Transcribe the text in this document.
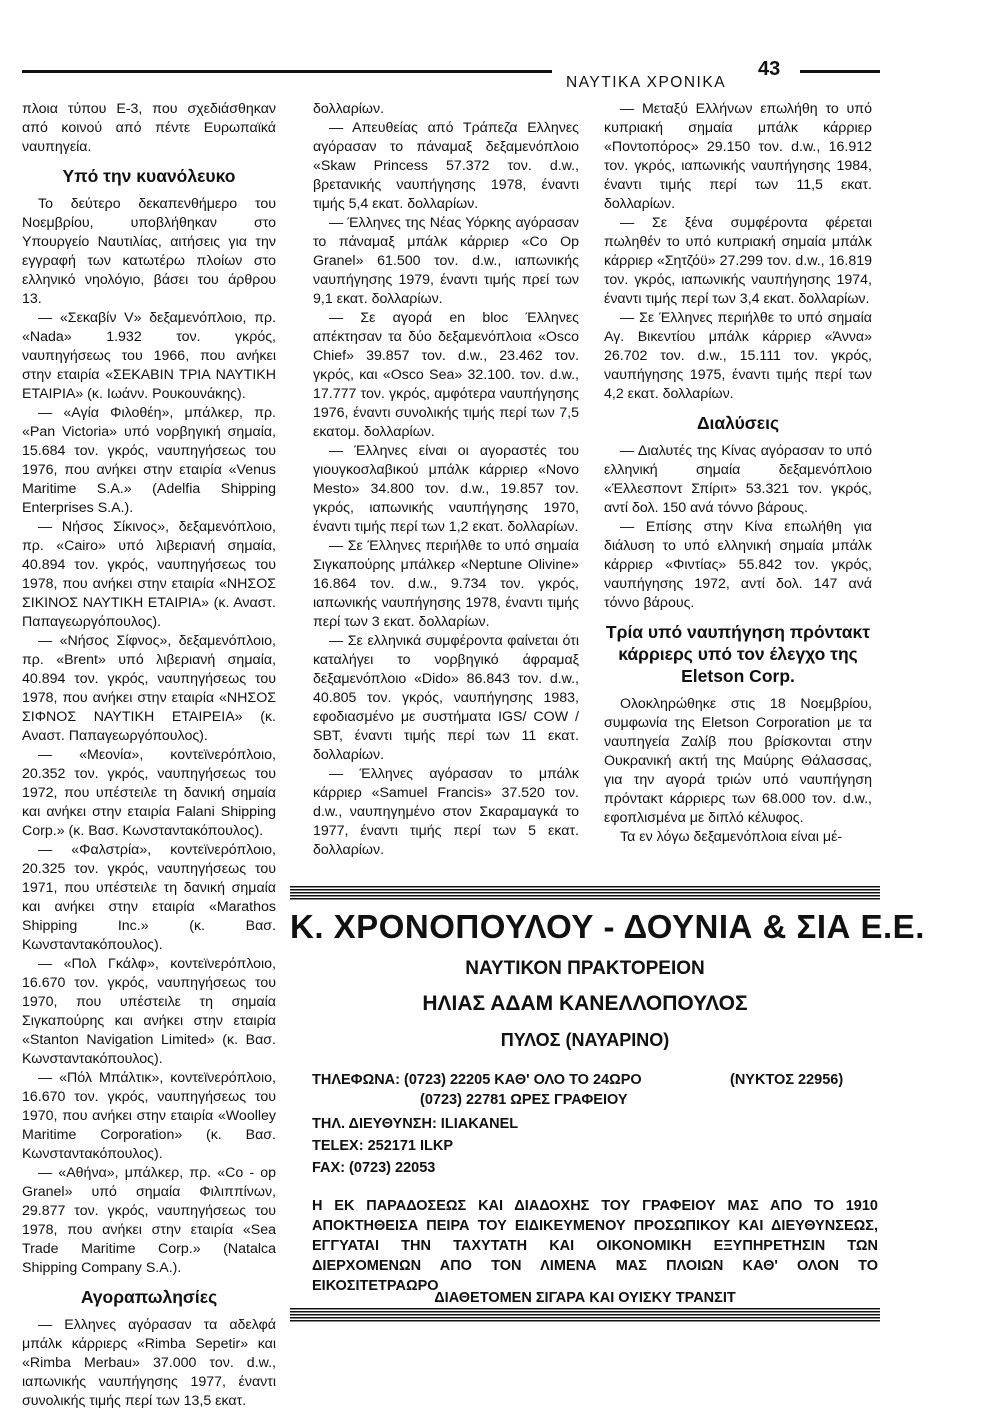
ΝΑΥΤΙΚΑ ΧΡΟΝΙΚΑ
43

πλοια τύπου Ε-3, που σχεδιάσθηκαν από κοινού από πέντε Ευρωπαϊκά ναυπηγεία.

Υπό την κυανόλευκο

Το δεύτερο δεκαπενθήμερο του Νοεμβρίου, υποβλήθηκαν στο Υπουργείο Ναυτιλίας, αιτήσεις για την εγγραφή των κατωτέρω πλοίων στο ελληνικό νηολόγιο, βάσει του άρθρου 13.

— «Σεκαβίν V» δεξαμενόπλοιο, πρ. «Nada» 1.932 τον. γκρός, ναυπηγήσεως του 1966, που ανήκει στην εταιρία «ΣΕΚΑΒΙΝ ΤΡΙΑ ΝΑΥΤΙΚΗ ΕΤΑΙΡΙΑ» (κ. Ιωάνν. Ρουκουνάκης).

— «Αγία Φιλοθέη», μπάλκερ, πρ. «Pan Victoria» υπό νορβηγική σημαία, 15.684 τον. γκρός, ναυπηγήσεως του 1976, που ανήκει στην εταιρία «Venus Maritime S.A.» (Adelfia Shipping Enterprises S.A.).

— Νήσος Σίκινος», δεξαμενόπλοιο, πρ. «Cairo» υπό λιβεριανή σημαία, 40.894 τον. γκρός, ναυπηγήσεως του 1978, που ανήκει στην εταιρία «ΝΗΣΟΣ ΣΙΚΙΝΟΣ ΝΑΥΤΙΚΗ ΕΤΑΙΡΙΑ» (κ. Αναστ. Παπαγεωργόπουλος).

— «Νήσος Σίφνος», δεξαμενόπλοιο, πρ. «Brent» υπό λιβεριανή σημαία, 40.894 τον. γκρός, ναυπηγήσεως του 1978, που ανήκει στην εταιρία «ΝΗΣΟΣ ΣΙΦΝΟΣ ΝΑΥΤΙΚΗ ΕΤΑΙΡΕΙΑ» (κ. Αναστ. Παπαγεωργόπουλος).

— «Μεονία», κοντεϊνερόπλοιο, 20.352 τον. γκρός, ναυπηγήσεως του 1972, που υπέστειλε τη δανική σημαία και ανήκει στην εταιρία Falani Shipping Corp.» (κ. Βασ. Κωνσταντακόπουλος).

— «Φαλστρία», κοντεϊνερόπλοιο, 20.325 τον. γκρός, ναυπηγήσεως του 1971, που υπέστειλε τη δανική σημαία και ανήκει στην εταιρία «Marathos Shipping Inc.» (κ. Βασ. Κωνσταντακόπουλος).

— «Πολ Γκάλφ», κοντεϊνερόπλοιο, 16.670 τον. γκρός, ναυπηγήσεως του 1970, που υπέστειλε τη σημαία Σιγκαπούρης και ανήκει στην εταιρία «Stanton Navigation Limited» (κ. Βασ. Κωνσταντακόπουλος).

— «Πόλ Μπάλτικ», κοντεϊνερόπλοιο, 16.670 τον. γκρός, ναυπηγήσεως του 1970, που ανήκει στην εταιρία «Woolley Maritime Corporation» (κ. Βασ. Κωνσταντακόπουλος).

— «Αθήνα», μπάλκερ, πρ. «Co - op Granel» υπό σημαία Φιλιππίνων, 29.877 τον. γκρός, ναυπηγήσεως του 1978, που ανήκει στην εταιρία «Sea Trade Maritime Corp.» (Natalca Shipping Company S.A.).

Αγοραπωλησίες

— Ελληνες αγόρασαν τα αδελφά μπάλκ κάρριερς «Rimba Sepetir» και «Rimba Merbau» 37.000 τον. d.w., ιαπωνικής ναυπήγησης 1977, έναντι συνολικής τιμής περί των 13,5 εκατ.

δολλαρίων.

— Απευθείας από Τράπεζα Ελληνες αγόρασαν το πάναμαξ δεξαμενόπλοιο «Skaw Princess 57.372 τον. d.w., βρετανικής ναυπήγησης 1978, έναντι τιμής 5,4 εκατ. δολλαρίων.

— Έλληνες της Νέας Υόρκης αγόρασαν το πάναμαξ μπάλκ κάρριερ «Co Op Granel» 61.500 τον. d.w., ιαπωνικής ναυπήγησης 1979, έναντι τιμής πρεί των 9,1 εκατ. δολλαρίων.

— Σε αγορά en bloc Έλληνες απέκτησαν τα δύο δεξαμενόπλοια «Osco Chief» 39.857 τον. d.w., 23.462 τον. γκρός, και «Osco Sea» 32.100. τον. d.w., 17.777 τον. γκρός, αμφότερα ναυπήγησης 1976, έναντι συνολικής τιμής περί των 7,5 εκατομ. δολλαρίων.

— Έλληνες είναι οι αγοραστές του γιουγκοσλαβικού μπάλκ κάρριερ «Novo Mesto» 34.800 τον. d.w., 19.857 τον. γκρός, ιαπωνικής ναυπήγησης 1970, έναντι τιμής περί των 1,2 εκατ. δολλαρίων.

— Σε Έλληνες περιήλθε το υπό σημαία Σιγκαπούρης μπάλκερ «Neptune Olivine» 16.864 τον. d.w., 9.734 τον. γκρός, ιαπωνικής ναυπήγησης 1978, έναντι τιμής περί των 3 εκατ. δολλαρίων.

— Σε ελληνικά συμφέροντα φαίνεται ότι καταλήγει το νορβηγικό άφραμαξ δεξαμενόπλοιο «Dido» 86.843 τον. d.w., 40.805 τον. γκρός, ναυπήγησης 1983, εφοδιασμένο με συστήματα IGS/ COW / SBT, έναντι τιμής περί των 11 εκατ. δολλαρίων.

— Έλληνες αγόρασαν το μπάλκ κάρριερ «Samuel Francis» 37.520 τον. d.w., ναυπηγημένο στον Σκαραμαγκά το 1977, έναντι τιμής περί των 5 εκατ. δολλαρίων.

— Μεταξύ Ελλήνων επωλήθη το υπό κυπριακή σημαία μπάλκ κάρριερ «Ποντοπόρος» 29.150 τον. d.w., 16.912 τον. γκρός, ιαπωνικής ναυπήγησης 1984, έναντι τιμής περί των 11,5 εκατ. δολλαρίων.

— Σε ξένα συμφέροντα φέρεται πωληθέν το υπό κυπριακή σημαία μπάλκ κάρριερ «Σητζόϋ» 27.299 τον. d.w., 16.819 τον. γκρός, ιαπωνικής ναυπήγησης 1974, έναντι τιμής περί των 3,4 εκατ. δολλαρίων.

— Σε Έλληνες περιήλθε το υπό σημαία Αγ. Βικεντίου μπάλκ κάρριερ «Άννα» 26.702 τον. d.w., 15.111 τον. γκρός, ναυπήγησης 1975, έναντι τιμής περί των 4,2 εκατ. δολλαρίων.

Διαλύσεις

— Διαλυτές της Κίνας αγόρασαν το υπό ελληνική σημαία δεξαμενόπλοιο «Έλλεσποντ Σπίριτ» 53.321 τον. γκρός, αντί δολ. 150 ανά τόννο βάρους.

— Επίσης στην Κίνα επωλήθη για διάλυση το υπό ελληνική σημαία μπάλκ κάρριερ «Φιντίας» 55.842 τον. γκρός, ναυπήγησης 1972, αντί δολ. 147 ανά τόννο βάρους.

Τρία υπό ναυπήγηση πρόντακτ κάρριερς υπό τον έλεγχο της Eletson Corp.

Ολοκληρώθηκε στις 18 Νοεμβρίου, συμφωνία της Eletson Corporation με τα ναυπηγεία Ζαλίβ που βρίσκονται στην Ουκρανική ακτή της Μαύρης Θάλασσας, για την αγορά τριών υπό ναυπήγηση πρόντακτ κάρριερς των 68.000 τον. d.w., εφοπλισμένα με διπλό κέλυφος.

Τα εν λόγω δεξαμενόπλοια είναι μέ-

Κ. ΧΡΟΝΟΠΟΥΛΟΥ - ΔΟΥΝΙΑ & ΣΙΑ Ε.Ε.
ΝΑΥΤΙΚΟΝ ΠΡΑΚΤΟΡΕΙΟΝ
ΗΛΙΑΣ ΑΔΑΜ ΚΑΝΕΛΛΟΠΟΥΛΟΣ
ΠΥΛΟΣ (ΝΑΥΑΡΙΝΟ)
ΤΗΛΕΦΩΝΑ: (0723) 22205 ΚΑΘ' ΟΛΟ ΤΟ 24ΩΡΟ	(ΝΥΚΤΟΣ 22956)
(0723) 22781 ΩΡΕΣ ΓΡΑΦΕΙΟΥ
ΤΗΛ. ΔΙΕΥΘΥΝΣΗ: ILIAKANEL
TELEX: 252171 ILKP
FAX: (0723) 22053
Η ΕΚ ΠΑΡΑΔΟΣΕΩΣ ΚΑΙ ΔΙΑΔΟΧΗΣ ΤΟΥ ΓΡΑΦΕΙΟΥ ΜΑΣ ΑΠΟ ΤΟ 1910 ΑΠΟΚΤΗΘΕΙΣΑ ΠΕΙΡΑ ΤΟΥ ΕΙΔΙΚΕΥΜΕΝΟΥ ΠΡΟΣΩΠΙΚΟΥ ΚΑΙ ΔΙΕΥΘΥΝΣΕΩΣ, ΕΓΓΥΑΤΑΙ ΤΗΝ ΤΑΧΥΤΑΤΗ ΚΑΙ ΟΙΚΟΝΟΜΙΚΗ ΕΞΥΠΗΡΕΤΗΣΙΝ ΤΩΝ ΔΙΕΡΧΟΜΕΝΩΝ ΑΠΟ ΤΟΝ ΛΙΜΕΝΑ ΜΑΣ ΠΛΟΙΩΝ ΚΑΘ' ΟΛΟΝ ΤΟ ΕΙΚΟΣΙΤΕΤΡΑΩΡΟ
ΔΙΑΘΕΤΟΜΕΝ ΣΙΓΑΡΑ ΚΑΙ ΟΥΙΣΚΥ ΤΡΑΝΣΙΤ
